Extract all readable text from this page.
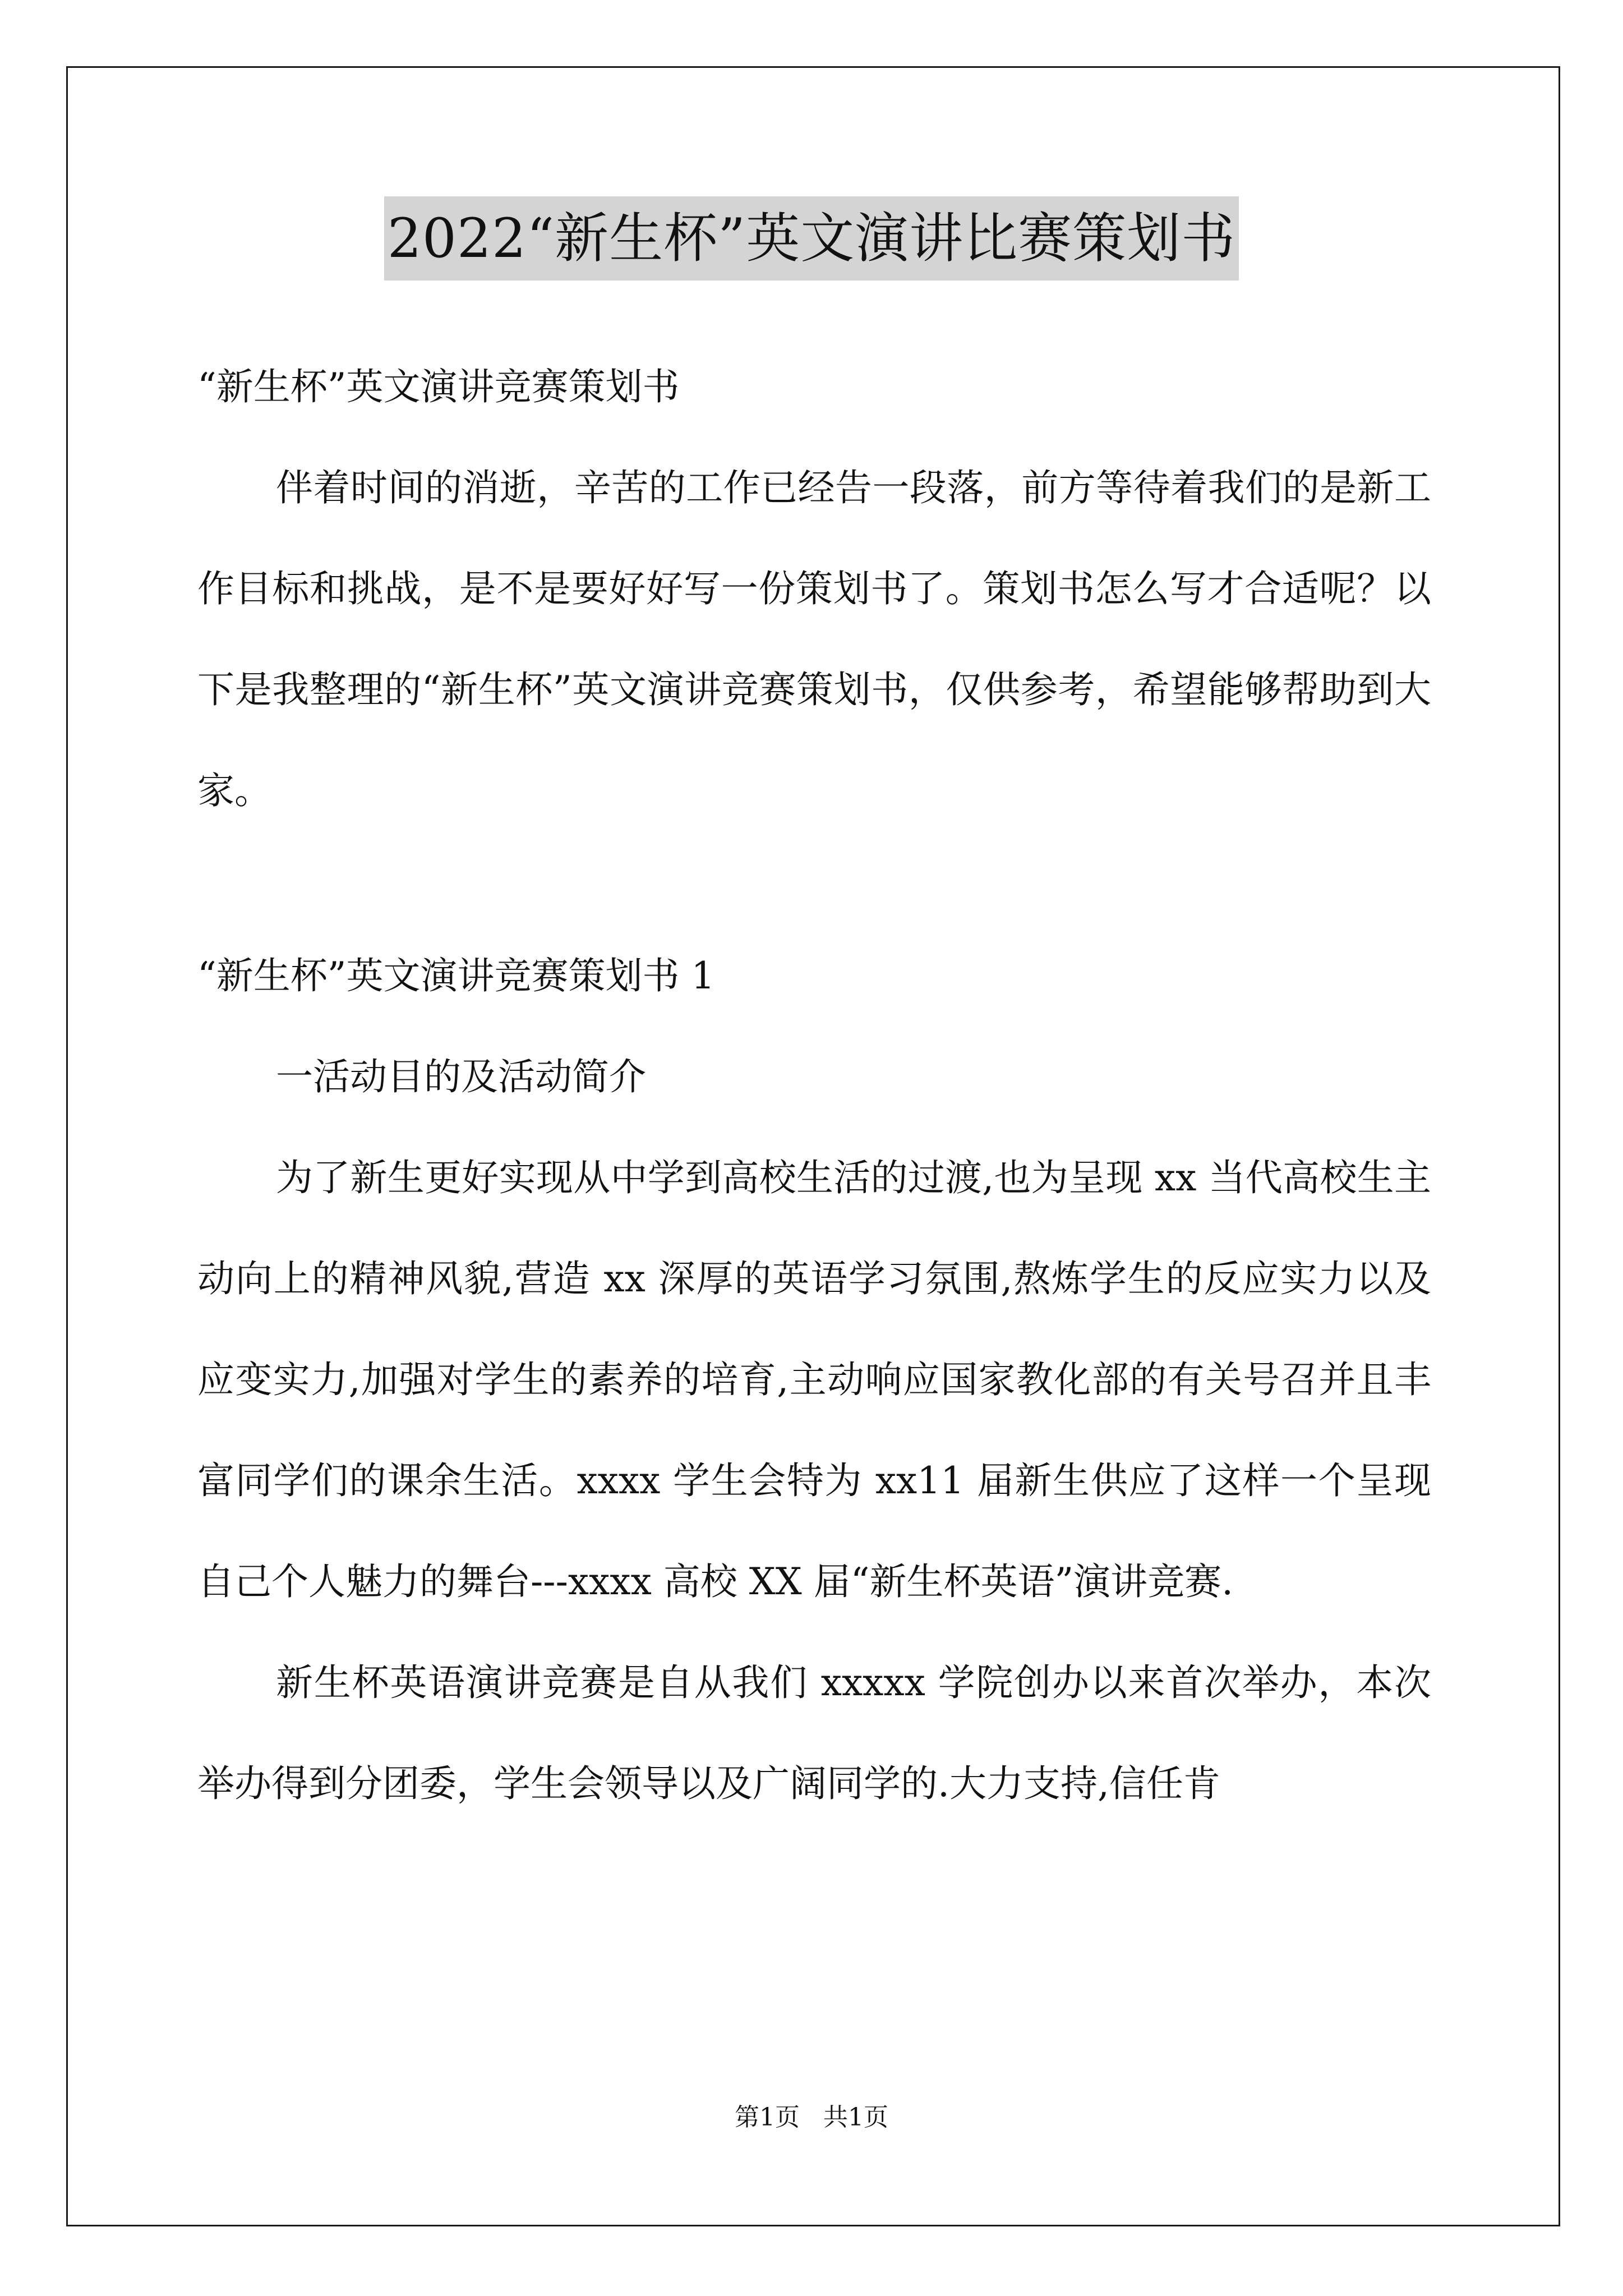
2022“新生杯”英文演讲比赛策划书

“新生杯”英文演讲竞赛策划书

伴着时间的消逝，辛苦的工作已经告一段落，前方等待着我们的是新工作目标和挑战，是不是要好好写一份策划书了。策划书怎么写才合适呢？以下是我整理的“新生杯”英文演讲竞赛策划书，仅供参考，希望能够帮助到大家。

“新生杯”英文演讲竞赛策划书 1

一活动目的及活动简介

为了新生更好实现从中学到高校生活的过渡,也为呈现 xx 当代高校生主动向上的精神风貌,营造 xx 深厚的英语学习氛围,熬炼学生的反应实力以及应变实力,加强对学生的素养的培育,主动响应国家教化部的有关号召并且丰富同学们的课余生活。xxxx 学生会特为 xx11 届新生供应了这样一个呈现自己个人魅力的舞台---xxxx 高校 XX 届“新生杯英语”演讲竞赛.

新生杯英语演讲竞赛是自从我们 xxxxx 学院创办以来首次举办，本次举办得到分团委，学生会领导以及广阔同学的.大力支持,信任肯

第1页   共1页
